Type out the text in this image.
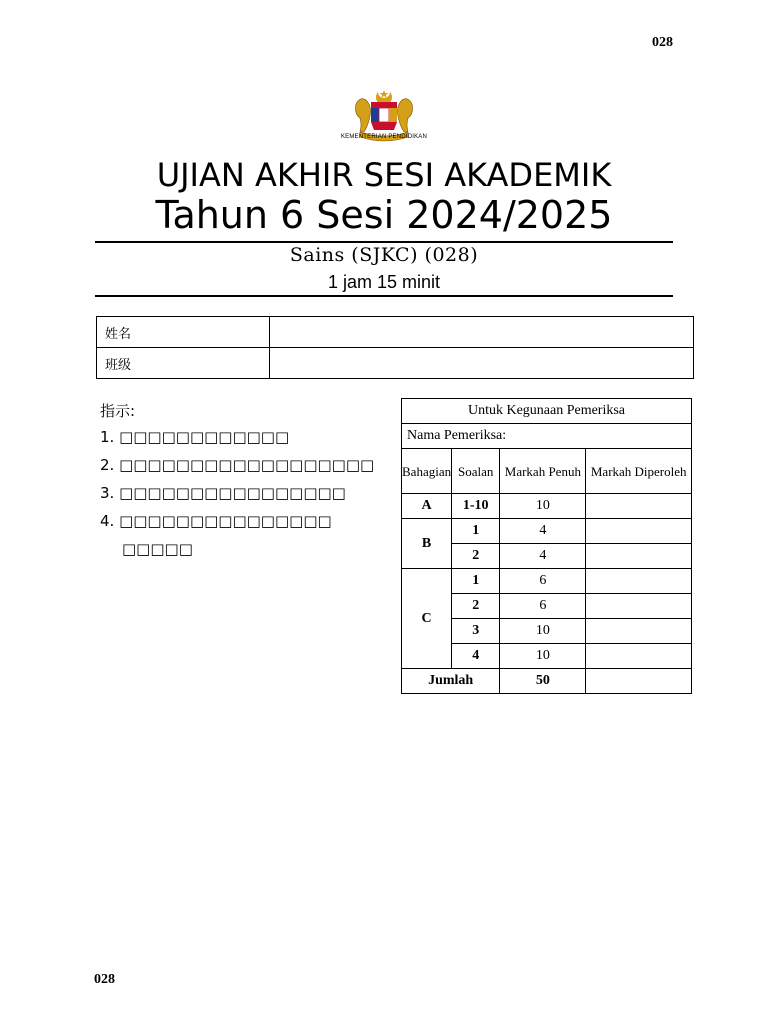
028
KEMENTERIAN PENDIDIKAN
UJIAN AKHIR SESI AKADEMIK
Tahun 6 Sesi 2024/2025
Sains (SJKC) (028)
1 jam 15 minit
姓名	
班级	
指示:
1. □□□□□□□□□□□□
2. □□□□□□□□□□□□□□□□□□
3. □□□□□□□□□□□□□□□□
4. □□□□□□□□□□□□□□□
□□□□□
Untuk Kegunaan Pemeriksa			
Nama Pemeriksa:			
Bahagian	Soalan	Markah Penuh	Markah Diperoleh
A	1-10	10	
B	1	4	
	2	4	
C	1	6	
	2	6	
	3	10	
	4	10	
Jumlah		50	
028
